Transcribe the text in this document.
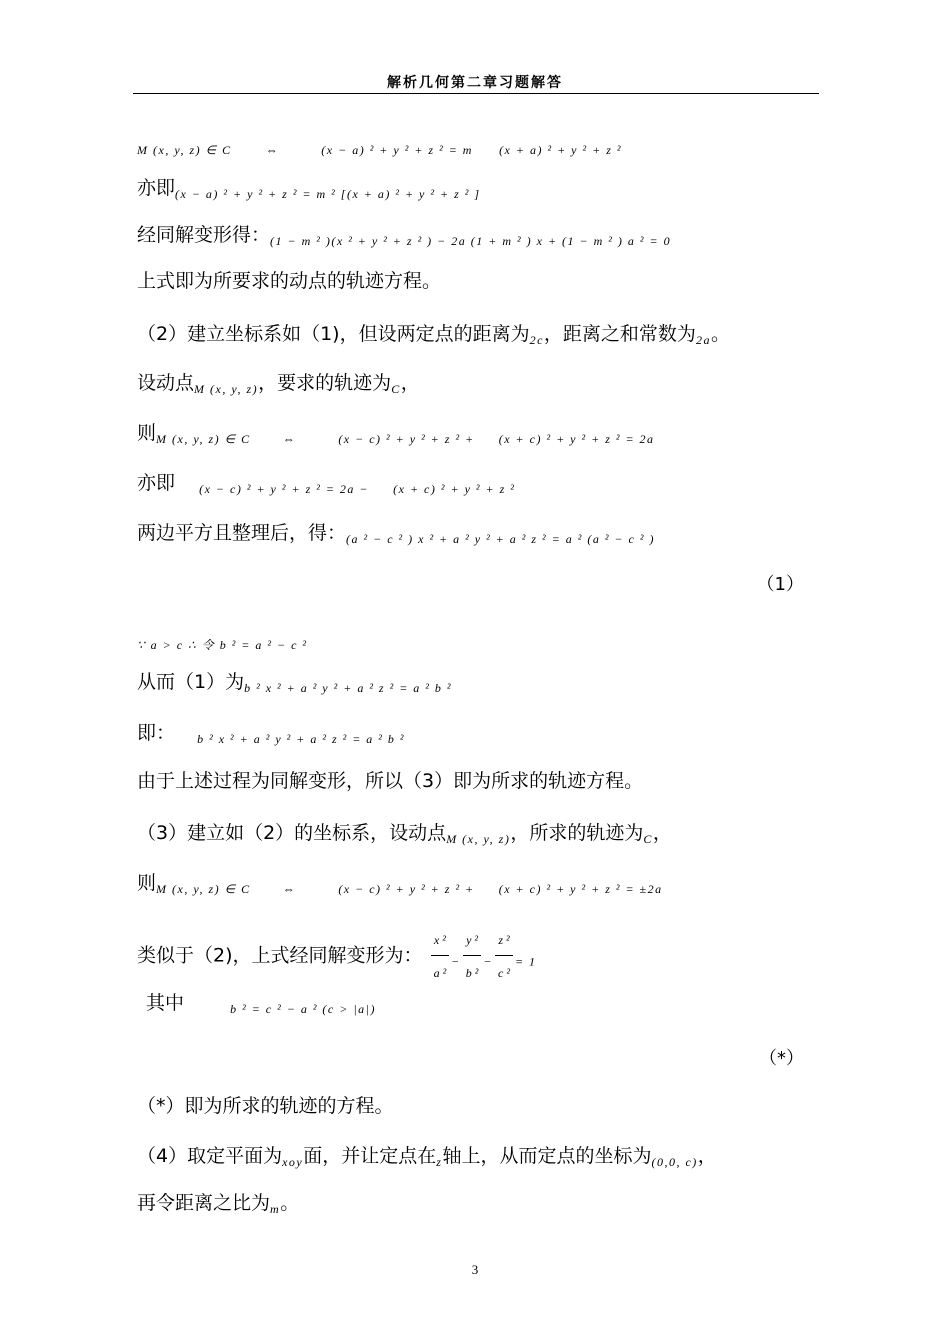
解析几何第二章习题解答
$_{M (x, y, z) \in C}$	$_\Leftrightarrow$	$_{(x - a) ^2 + y ^2 + z ^2 = m}$ $_{(x + a) ^2 + y ^2 + z ^2}$
亦即$_{(x - a) ^2 + y ^2 + z ^2 = m ^2 [(x + a) ^2 + y ^2 + z ^2 ]}$
经同解变形得：$_{(1 - m ^2 )(x ^2 + y ^2 + z ^2 ) - 2a (1 + m ^2 ) x + (1 - m ^2 ) a ^2 = 0}$
上式即为所要求的动点的轨迹方程。
（2）建立坐标系如（1)，但设两定点的距离为$_{2c}$，距离之和常数为$_{2a}$。
设动点$_{M (x, y, z)}$，要求的轨迹为$_C$，
则$_{M (x, y, z) \in C}$	$_\Leftrightarrow$	$_{(x - c) ^2 + y ^2 + z ^2 +}$ $_{(x + c) ^2 + y ^2 + z ^2 = 2a}$
亦即 $_{(x - c) ^2 + y ^2 + z ^2 = 2a -}$ $_{(x + c) ^2 + y ^2 + z ^2}$
两边平方且整理后，得：$_{(a ^2 - c ^2 ) x ^2 + a ^2 y ^2 + a ^2 z ^2 = a ^2 (a ^2 - c ^2 )}$
（1）
$_{\because a > c \therefore 令 b ^2 = a ^2 - c ^2}$
从而（1）为$_{b ^2 x ^2 + a ^2 y ^2 + a ^2 z ^2 = a ^2 b ^2}$
即： $_{b ^2 x ^2 + a ^2 y ^2 + a ^2 z ^2 = a ^2 b ^2}$
由于上述过程为同解变形，所以（3）即为所求的轨迹方程。
（3）建立如（2）的坐标系，设动点$_{M (x, y, z)}$，所求的轨迹为$_C$，
则$_{M (x, y, z) \in C}$	$_\Leftrightarrow$	$_{(x - c) ^2 + y ^2 + z ^2 +}$ $_{(x + c) ^2 + y ^2 + z ^2 = \pm 2a}$
类似于（2)，上式经同解变形为： $\frac{\text{x ²}}{\text{a ²}} _- \frac{\text{y ²}}{\text{b ²}} _- \frac{\text{z ²}}{\text{c ²}} _{= 1}$
其中	$_{b ^2 = c ^2 - a ^2 (c > |a|)}$
（*）
（*）即为所求的轨迹的方程。
（4）取定平面为$_{xoy}$面，并让定点在$_z$轴上，从而定点的坐标为$_{(0,0, c)}$，
再令距离之比为$_m$。
3
